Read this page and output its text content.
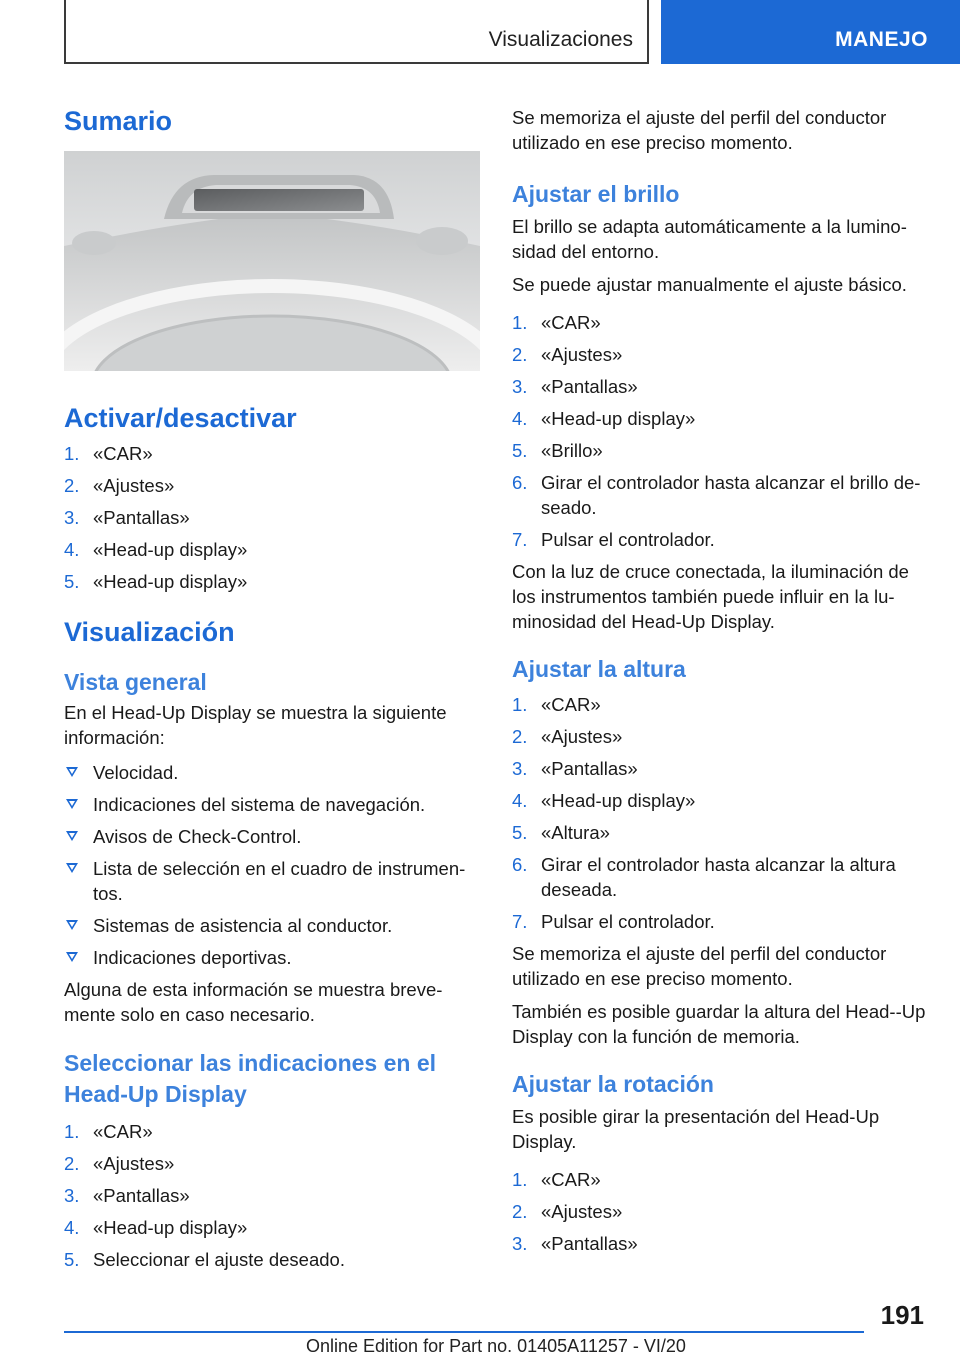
Visualizaciones	MANEJO
Sumario
Activar/desactivar
1. «CAR»
2. «Ajustes»
3. «Pantallas»
4. «Head-up display»
5. «Head-up display»
Visualización
Vista general

En el Head-Up Display se muestra la siguiente información:

Velocidad.
Indicaciones del sistema de navegación.
Avisos de Check-Control.
Lista de selección en el cuadro de instrumen-tos.
Sistemas de asistencia al conductor.
Indicaciones deportivas.

Alguna de esta información se muestra breve-mente solo en caso necesario.

Seleccionar las indicaciones en el Head-Up Display
1. «CAR»
2. «Ajustes»
3. «Pantallas»
4. «Head-up display»
5. Seleccionar el ajuste deseado.

Se memoriza el ajuste del perfil del conductor utilizado en ese preciso momento.

Ajustar el brillo

El brillo se adapta automáticamente a la lumino-sidad del entorno.

Se puede ajustar manualmente el ajuste básico.

1. «CAR»
2. «Ajustes»
3. «Pantallas»
4. «Head-up display»
5. «Brillo»
6. Girar el controlador hasta alcanzar el brillo de-seado.
7. Pulsar el controlador.

Con la luz de cruce conectada, la iluminación de los instrumentos también puede influir en la lu-minosidad del Head-Up Display.

Ajustar la altura
1. «CAR»
2. «Ajustes»
3. «Pantallas»
4. «Head-up display»
5. «Altura»
6. Girar el controlador hasta alcanzar la altura deseada.
7. Pulsar el controlador.

Se memoriza el ajuste del perfil del conductor utilizado en ese preciso momento.

También es posible guardar la altura del Head--Up Display con la función de memoria.

Ajustar la rotación

Es posible girar la presentación del Head-Up Display.

1. «CAR»
2. «Ajustes»
3. «Pantallas»
191
Online Edition for Part no. 01405A11257 - VI/20
